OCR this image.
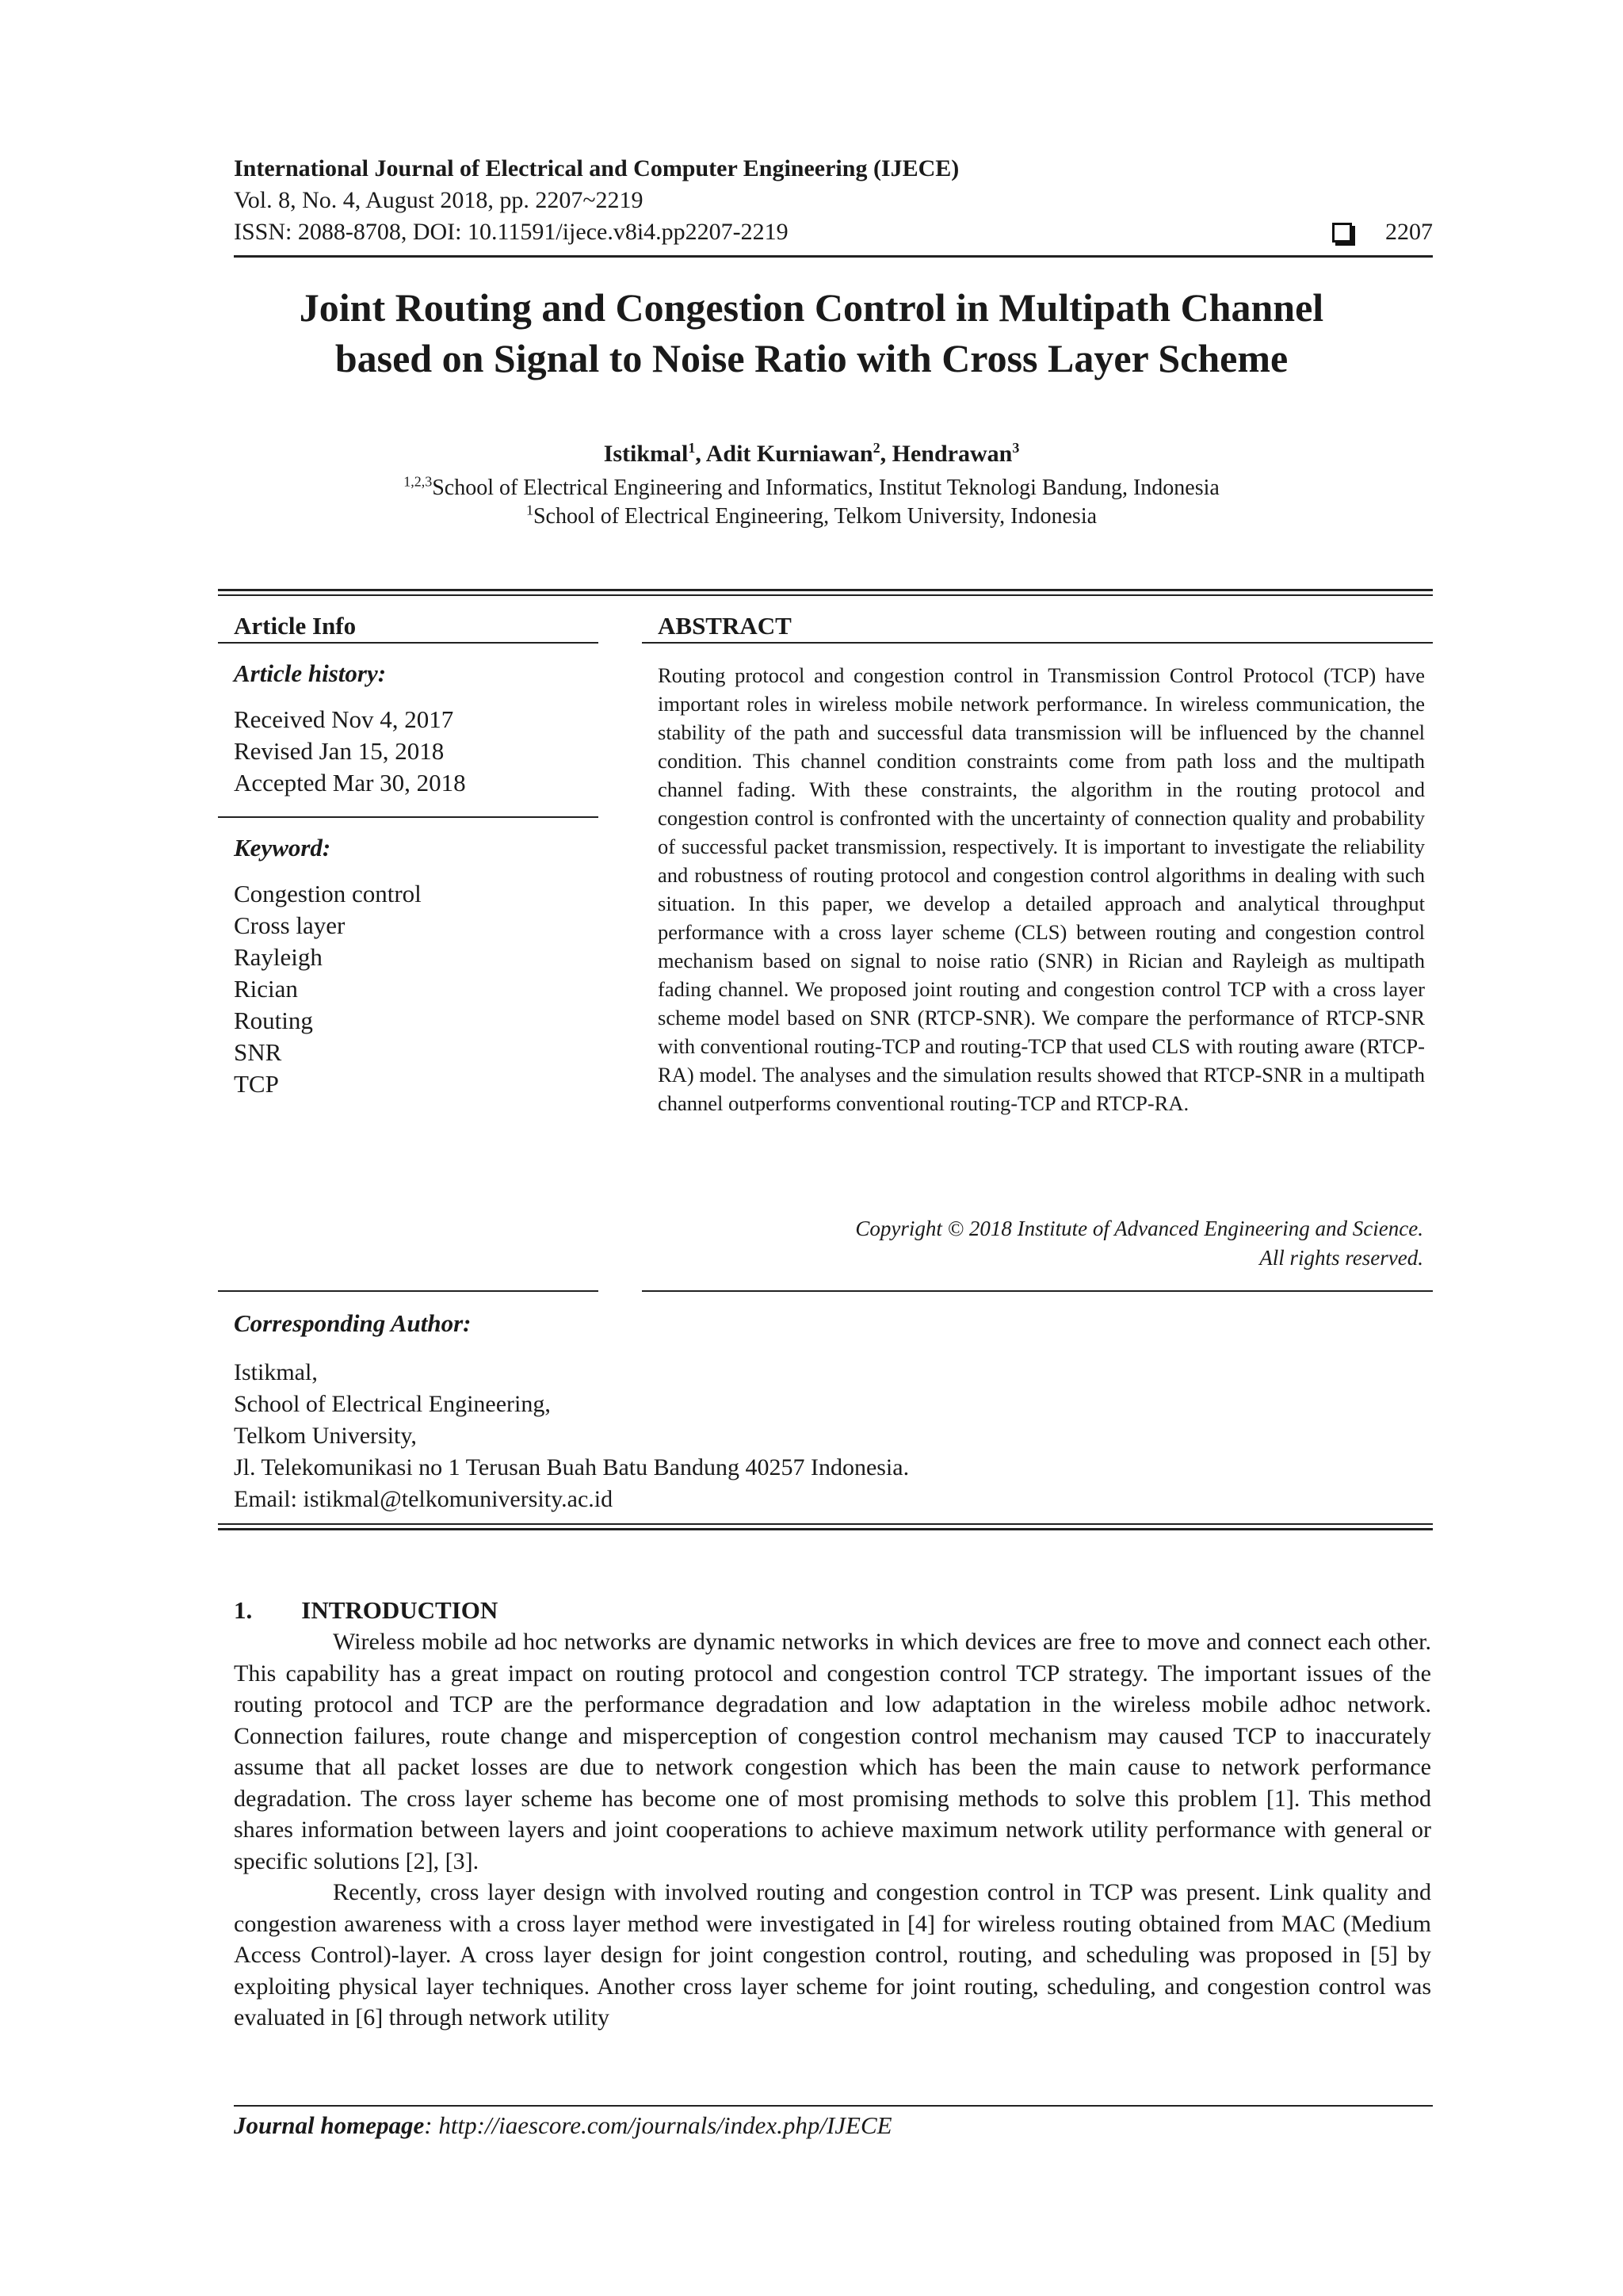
International Journal of Electrical and Computer Engineering (IJECE)
Vol. 8, No. 4, August 2018, pp. 2207~2219
ISSN: 2088-8708, DOI: 10.11591/ijece.v8i4.pp2207-2219	2207
Joint Routing and Congestion Control in Multipath Channel
based on Signal to Noise Ratio with Cross Layer Scheme
Istikmal$^1$, Adit Kurniawan$^2$, Hendrawan$^3$
$^{1,2,3}$School of Electrical Engineering and Informatics, Institut Teknologi Bandung, Indonesia
$^1$School of Electrical Engineering, Telkom University, Indonesia
Article Info
Article history:
Received Nov 4, 2017
Revised Jan 15, 2018
Accepted Mar 30, 2018
Keyword:
Congestion control
Cross layer
Rayleigh
Rician
Routing
SNR
TCP
ABSTRACT
Routing protocol and congestion control in Transmission Control Protocol (TCP) have important roles in wireless mobile network performance. In wireless communication, the stability of the path and successful data transmission will be influenced by the channel condition. This channel condition constraints come from path loss and the multipath channel fading. With these constraints, the algorithm in the routing protocol and congestion control is confronted with the uncertainty of connection quality and probability of successful packet transmission, respectively. It is important to investigate the reliability and robustness of routing protocol and congestion control algorithms in dealing with such situation. In this paper, we develop a detailed approach and analytical throughput performance with a cross layer scheme (CLS) between routing and congestion control mechanism based on signal to noise ratio (SNR) in Rician and Rayleigh as multipath fading channel. We proposed joint routing and congestion control TCP with a cross layer scheme model based on SNR (RTCP-SNR). We compare the performance of RTCP-SNR with conventional routing-TCP and routing-TCP that used CLS with routing aware (RTCP-RA) model. The analyses and the simulation results showed that RTCP-SNR in a multipath channel outperforms conventional routing-TCP and RTCP-RA.
Copyright © 2018 Institute of Advanced Engineering and Science.
All rights reserved.
Corresponding Author:
Istikmal,
School of Electrical Engineering,
Telkom University,
Jl. Telekomunikasi no 1 Terusan Buah Batu Bandung 40257 Indonesia.
Email: istikmal@telkomuniversity.ac.id
1.  INTRODUCTION

Wireless mobile ad hoc networks are dynamic networks in which devices are free to move and connect each other. This capability has a great impact on routing protocol and congestion control TCP strategy. The important issues of the routing protocol and TCP are the performance degradation and low adaptation in the wireless mobile adhoc network. Connection failures, route change and misperception of congestion control mechanism may caused TCP to inaccurately assume that all packet losses are due to network congestion which has been the main cause to network performance degradation. The cross layer scheme has become one of most promising methods to solve this problem [1]. This method shares information between layers and joint cooperations to achieve maximum network utility performance with general or specific solutions [2], [3].

Recently, cross layer design with involved routing and congestion control in TCP was present. Link quality and congestion awareness with a cross layer method were investigated in [4] for wireless routing obtained from MAC (Medium Access Control)-layer. A cross layer design for joint congestion control, routing, and scheduling was proposed in [5] by exploiting physical layer techniques. Another cross layer scheme for joint routing, scheduling, and congestion control was evaluated in [6] through network utility

Journal homepage: http://iaescore.com/journals/index.php/IJECE
